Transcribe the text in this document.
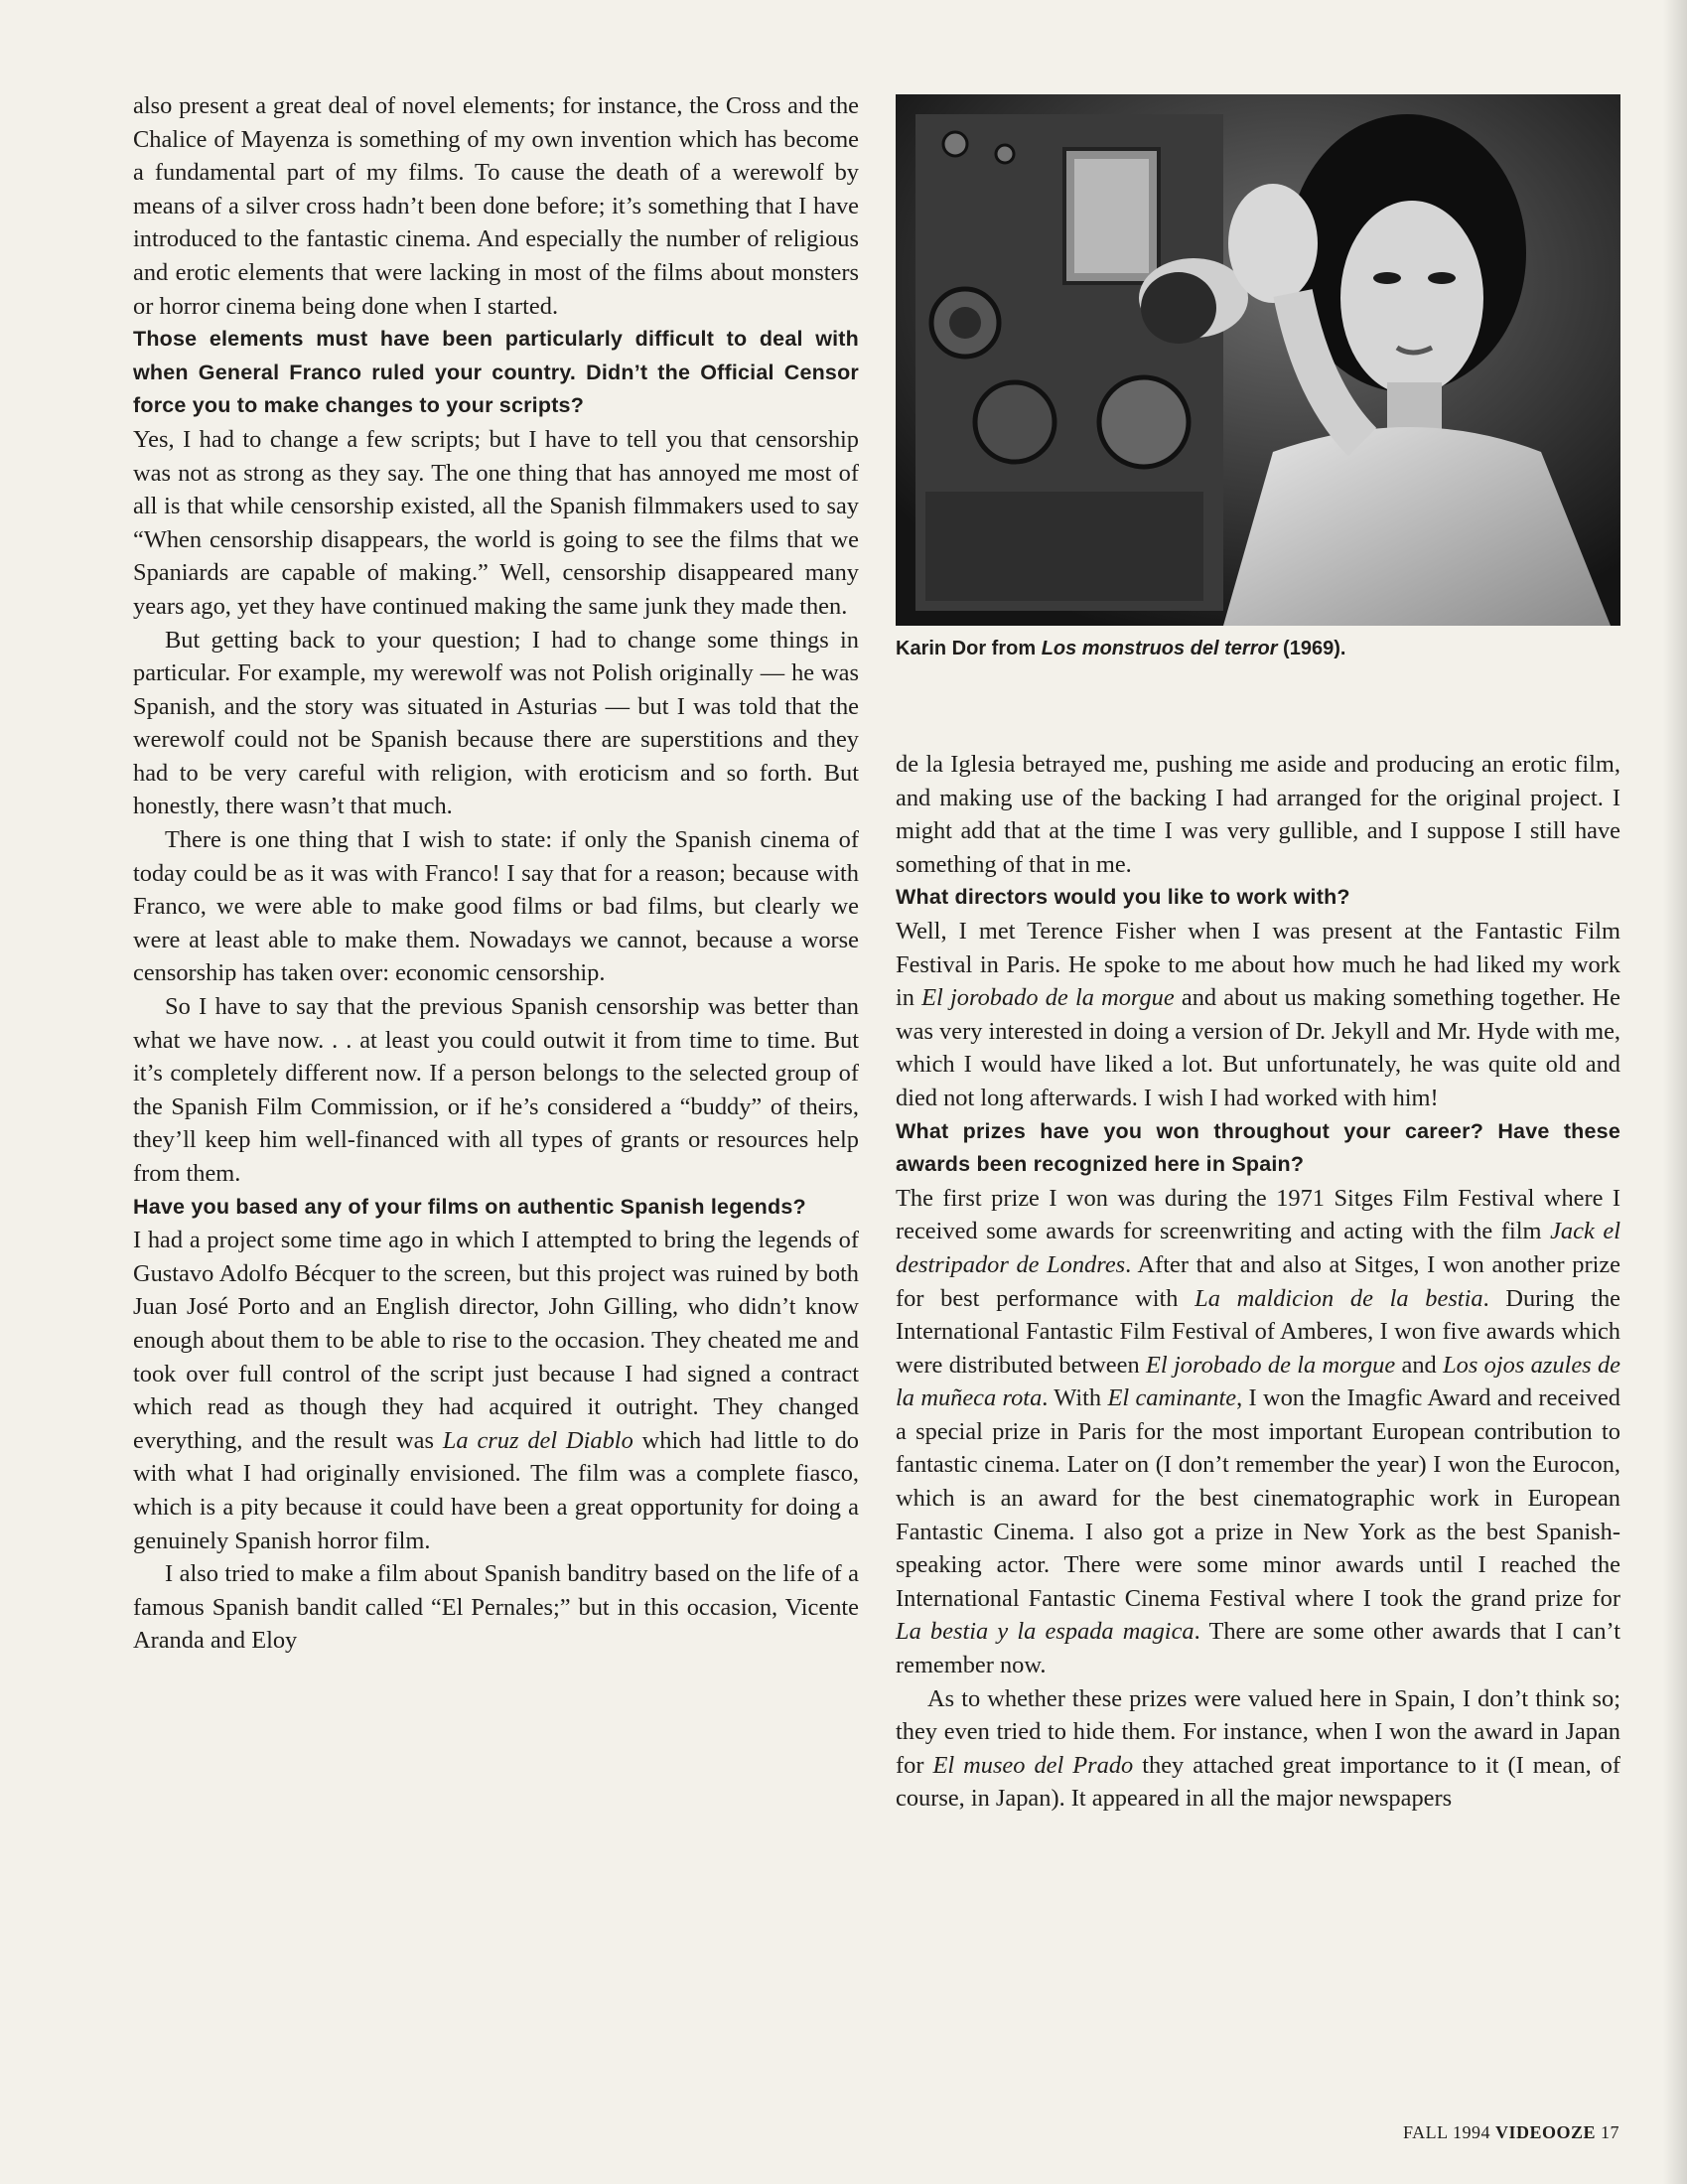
also present a great deal of novel elements; for instance, the Cross and the Chalice of Mayenza is something of my own invention which has become a fundamental part of my films. To cause the death of a werewolf by means of a silver cross hadn’t been done before; it’s something that I have introduced to the fantastic cinema. And especially the number of religious and erotic elements that were lacking in most of the films about monsters or horror cinema being done when I started.

Those elements must have been particularly difficult to deal with when General Franco ruled your country. Didn’t the Official Censor force you to make changes to your scripts?

Yes, I had to change a few scripts; but I have to tell you that censorship was not as strong as they say. The one thing that has annoyed me most of all is that while censorship existed, all the Spanish filmmakers used to say “When censorship disappears, the world is going to see the films that we Spaniards are capable of making.” Well, censorship disappeared many years ago, yet they have continued making the same junk they made then.

But getting back to your question; I had to change some things in particular. For example, my werewolf was not Polish originally — he was Spanish, and the story was situated in Asturias — but I was told that the werewolf could not be Spanish because there are superstitions and they had to be very careful with religion, with eroticism and so forth. But honestly, there wasn’t that much.

There is one thing that I wish to state: if only the Spanish cinema of today could be as it was with Franco! I say that for a reason; because with Franco, we were able to make good films or bad films, but clearly we were at least able to make them. Nowadays we cannot, because a worse censorship has taken over: economic censorship.

So I have to say that the previous Spanish censorship was better than what we have now. . . at least you could outwit it from time to time. But it’s completely different now. If a person belongs to the selected group of the Spanish Film Commission, or if he’s considered a “buddy” of theirs, they’ll keep him well-financed with all types of grants or resources help from them.

Have you based any of your films on authentic Spanish legends?

I had a project some time ago in which I attempted to bring the legends of Gustavo Adolfo Bécquer to the screen, but this project was ruined by both Juan José Porto and an English director, John Gilling, who didn’t know enough about them to be able to rise to the occasion. They cheated me and took over full control of the script just because I had signed a contract which read as though they had acquired it outright. They changed everything, and the result was La cruz del Diablo which had little to do with what I had originally envisioned. The film was a complete fiasco, which is a pity because it could have been a great opportunity for doing a genuinely Spanish horror film.

I also tried to make a film about Spanish banditry based on the life of a famous Spanish bandit called “El Pernales;” but in this occasion, Vicente Aranda and Eloy

Karin Dor from Los monstruos del terror (1969).

de la Iglesia betrayed me, pushing me aside and producing an erotic film, and making use of the backing I had arranged for the original project. I might add that at the time I was very gullible, and I suppose I still have something of that in me.

What directors would you like to work with?

Well, I met Terence Fisher when I was present at the Fantastic Film Festival in Paris. He spoke to me about how much he had liked my work in El jorobado de la morgue and about us making something together. He was very interested in doing a version of Dr. Jekyll and Mr. Hyde with me, which I would have liked a lot. But unfortunately, he was quite old and died not long afterwards. I wish I had worked with him!

What prizes have you won throughout your career? Have these awards been recognized here in Spain?

The first prize I won was during the 1971 Sitges Film Festival where I received some awards for screenwriting and acting with the film Jack el destripador de Londres. After that and also at Sitges, I won another prize for best performance with La maldicion de la bestia. During the International Fantastic Film Festival of Amberes, I won five awards which were distributed between El jorobado de la morgue and Los ojos azules de la muñeca rota. With El caminante, I won the Imagfic Award and received a special prize in Paris for the most important European contribution to fantastic cinema. Later on (I don’t remember the year) I won the Eurocon, which is an award for the best cinematographic work in European Fantastic Cinema. I also got a prize in New York as the best Spanish-speaking actor. There were some minor awards until I reached the International Fantastic Cinema Festival where I took the grand prize for La bestia y la espada magica. There are some other awards that I can’t remember now.

As to whether these prizes were valued here in Spain, I don’t think so; they even tried to hide them. For instance, when I won the award in Japan for El museo del Prado they attached great importance to it (I mean, of course, in Japan). It appeared in all the major newspapers

FALL 1994 VIDEOOZE 17
